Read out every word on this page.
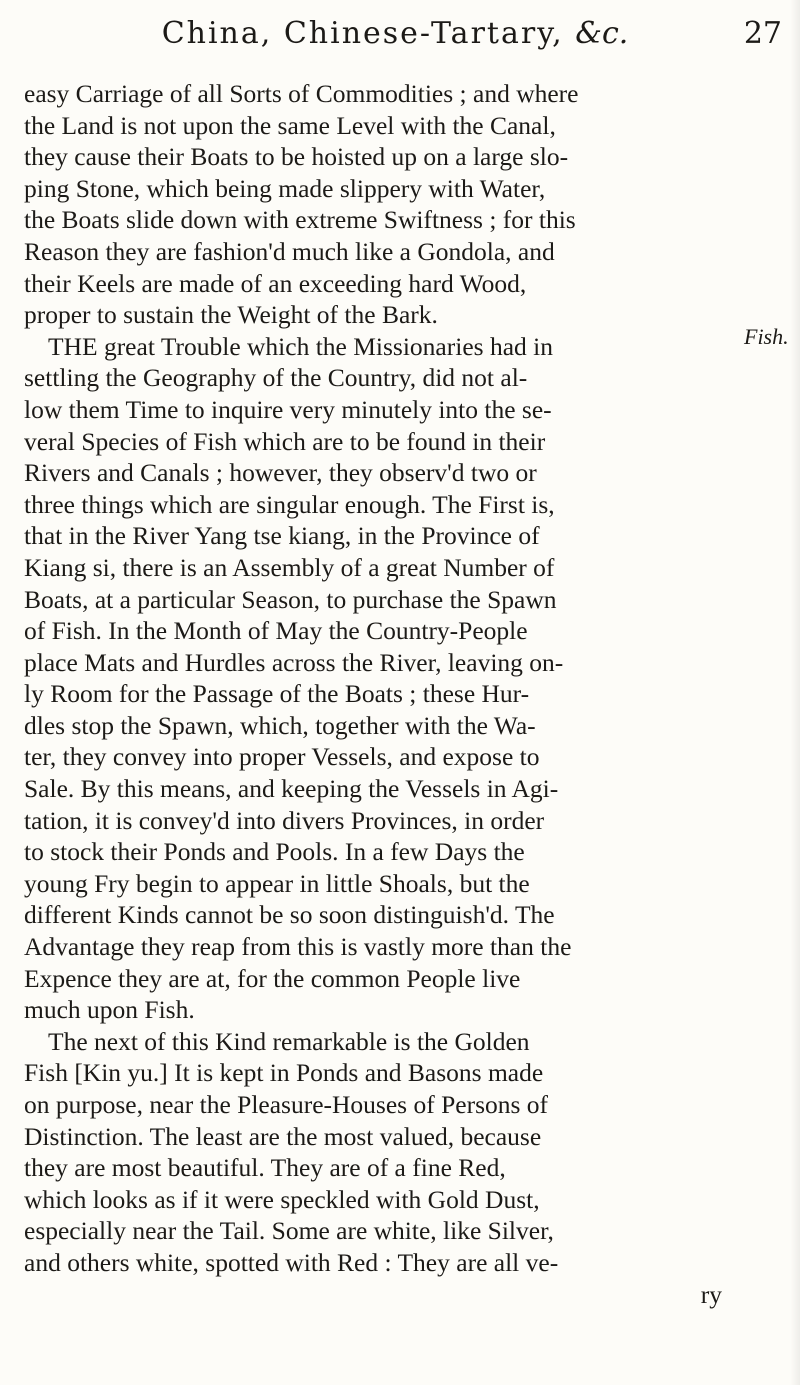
China, Chinese-Tartary, &c.	27
Fish.
easy Carriage of all Sorts of Commodities ; and where
the Land is not upon the same Level with the Canal,
they cause their Boats to be hoisted up on a large slo-
ping Stone, which being made slippery with Water,
the Boats slide down with extreme Swiftness ; for this
Reason they are fashion'd much like a Gondola, and
their Keels are made of an exceeding hard Wood,
proper to sustain the Weight of the Bark.
THE great Trouble which the Missionaries had in
settling the Geography of the Country, did not al-
low them Time to inquire very minutely into the se-
veral Species of Fish which are to be found in their
Rivers and Canals ; however, they observ'd two or
three things which are singular enough. The First is,
that in the River Yang tse kiang, in the Province of
Kiang si, there is an Assembly of a great Number of
Boats, at a particular Season, to purchase the Spawn
of Fish. In the Month of May the Country-People
place Mats and Hurdles across the River, leaving on-
ly Room for the Passage of the Boats ; these Hur-
dles stop the Spawn, which, together with the Wa-
ter, they convey into proper Vessels, and expose to
Sale. By this means, and keeping the Vessels in Agi-
tation, it is convey'd into divers Provinces, in order
to stock their Ponds and Pools. In a few Days the
young Fry begin to appear in little Shoals, but the
different Kinds cannot be so soon distinguish'd. The
Advantage they reap from this is vastly more than the
Expence they are at, for the common People live
much upon Fish.
The next of this Kind remarkable is the Golden
Fish [Kin yu.] It is kept in Ponds and Basons made
on purpose, near the Pleasure-Houses of Persons of
Distinction. The least are the most valued, because
they are most beautiful. They are of a fine Red,
which looks as if it were speckled with Gold Dust,
especially near the Tail. Some are white, like Silver,
and others white, spotted with Red : They are all ve-
ry
